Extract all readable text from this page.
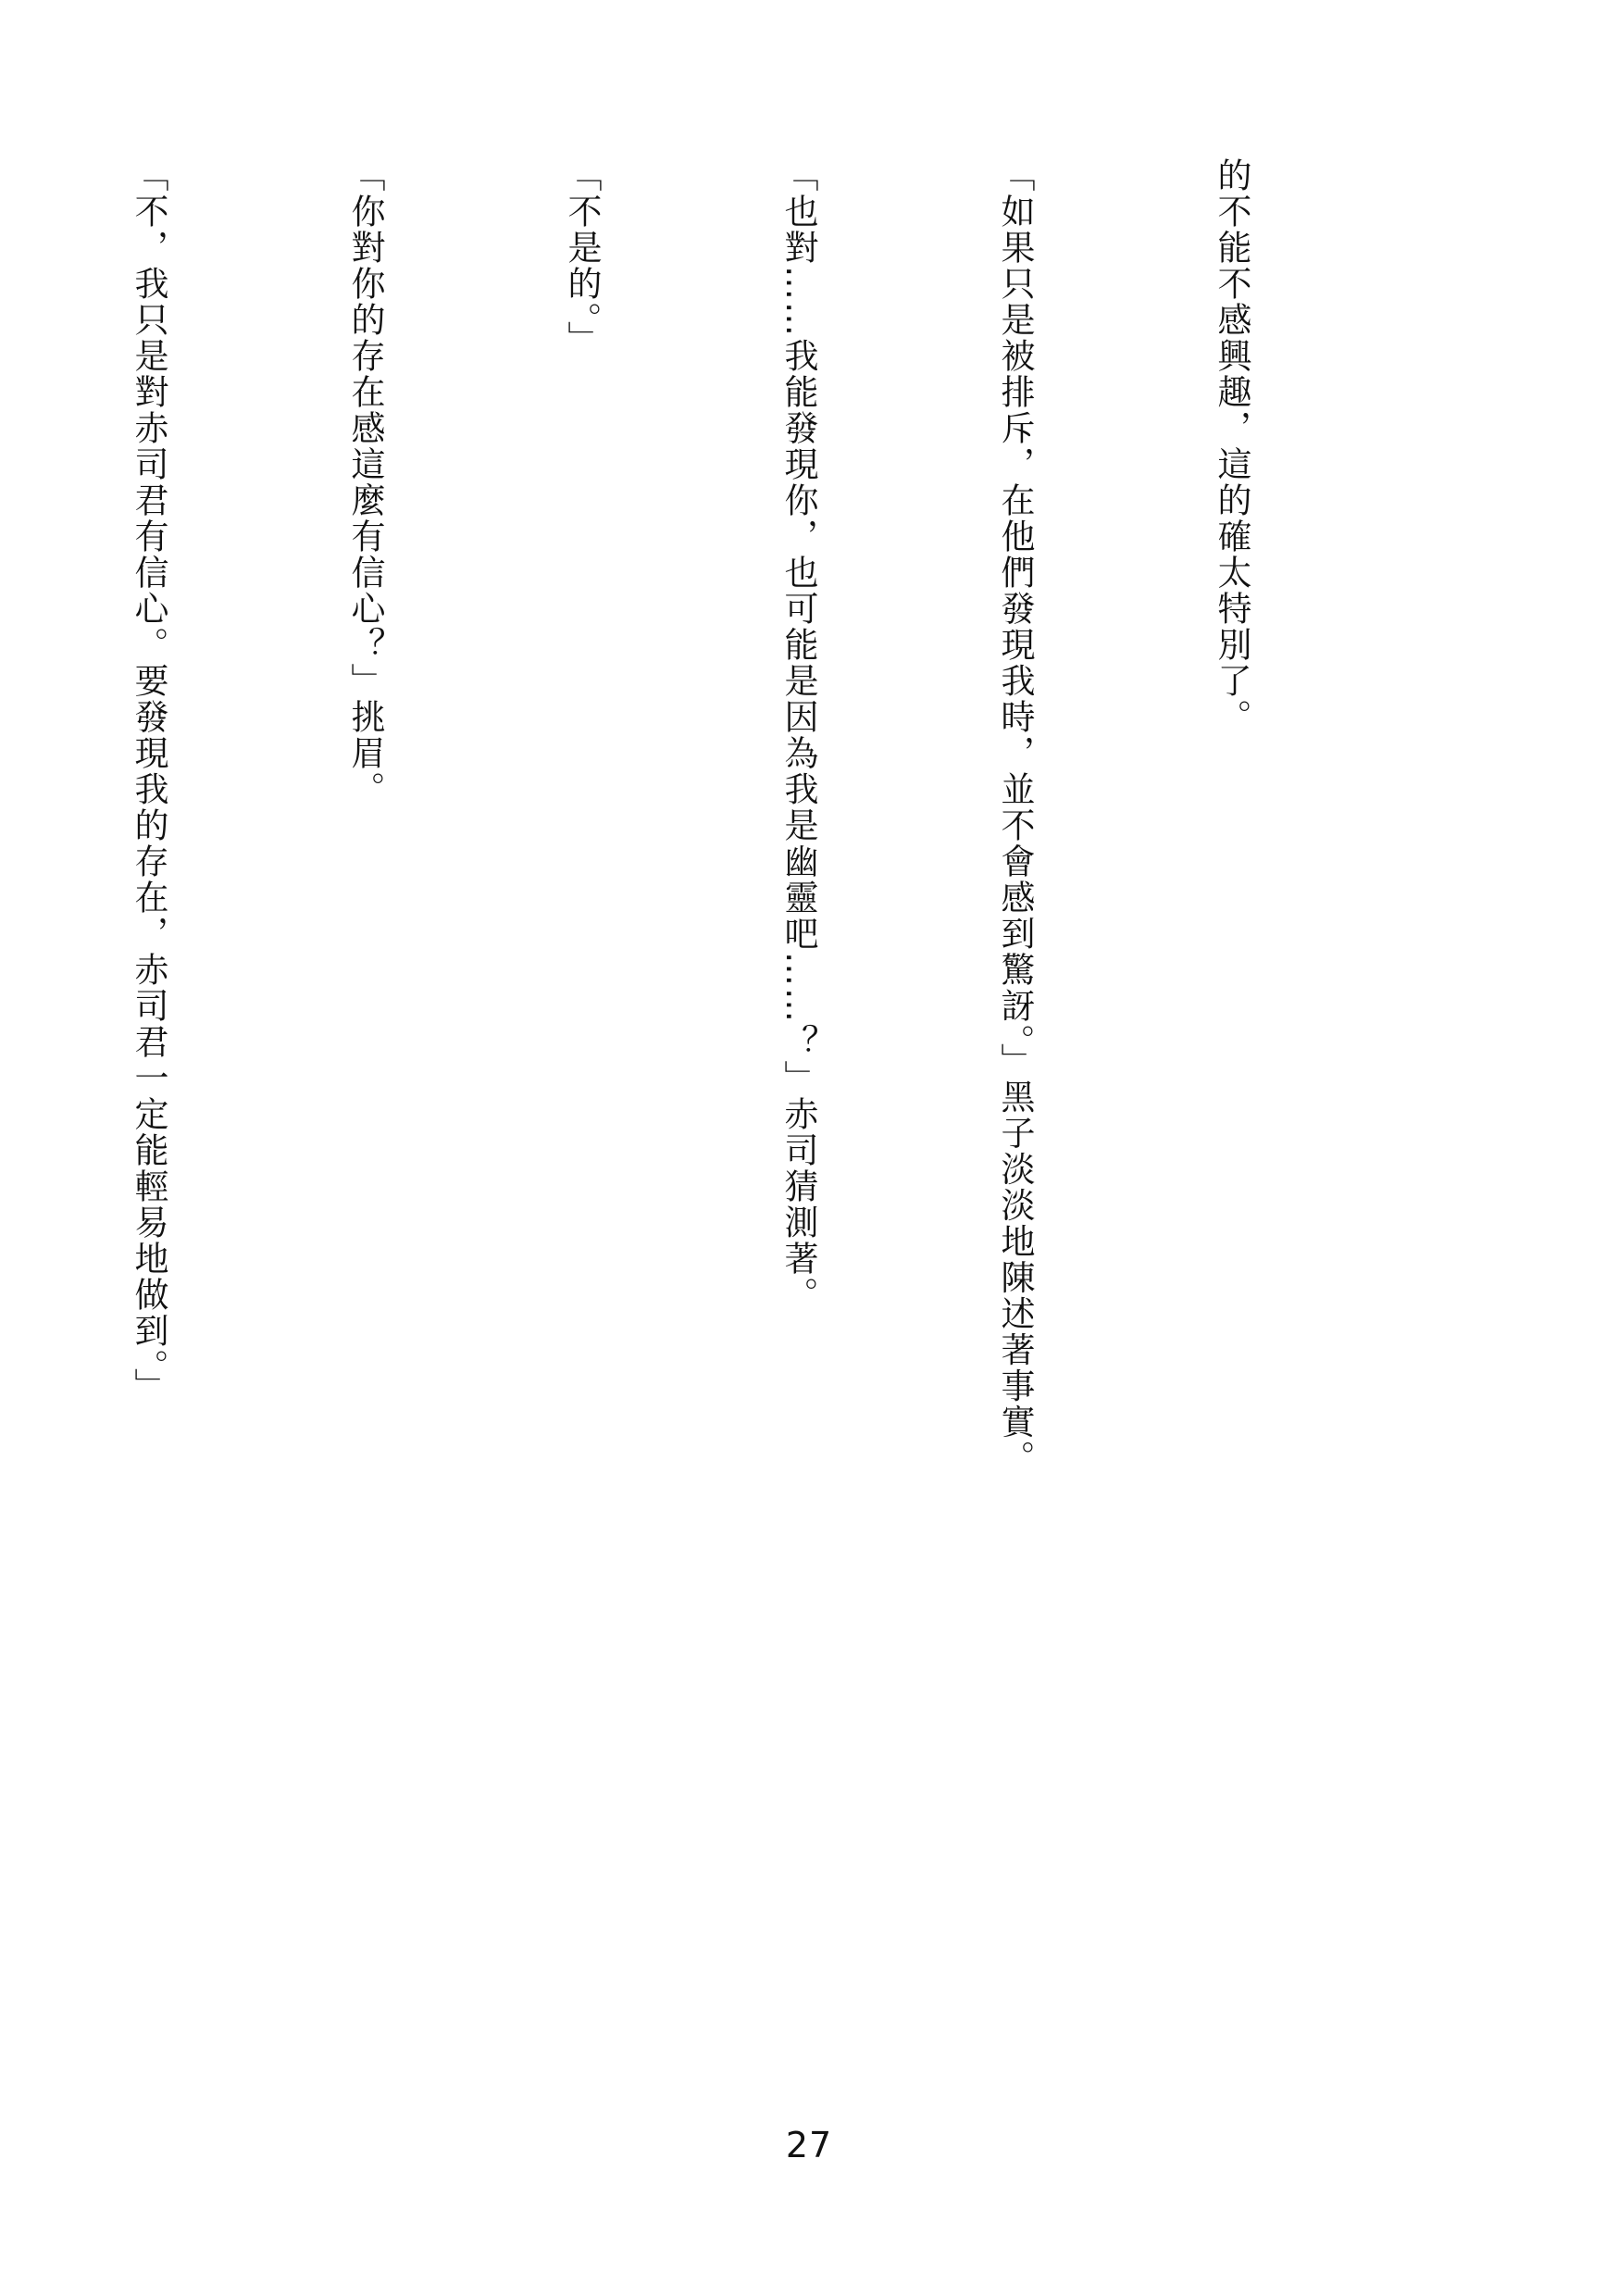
的不能不感興趣，這的確太特別了。

「如果只是被排斥，在他們發現我時，並不會感到驚訝。」黑子淡淡地陳述著事實。

「也對……我能發現你，也可能是因為我是幽靈吧……？」赤司猜測著。

「不是的。」

「你對你的存在感這麼有信心？」挑眉。

「不，我只是對赤司君有信心。要發現我的存在，赤司君一定能輕易地做到。」

27
